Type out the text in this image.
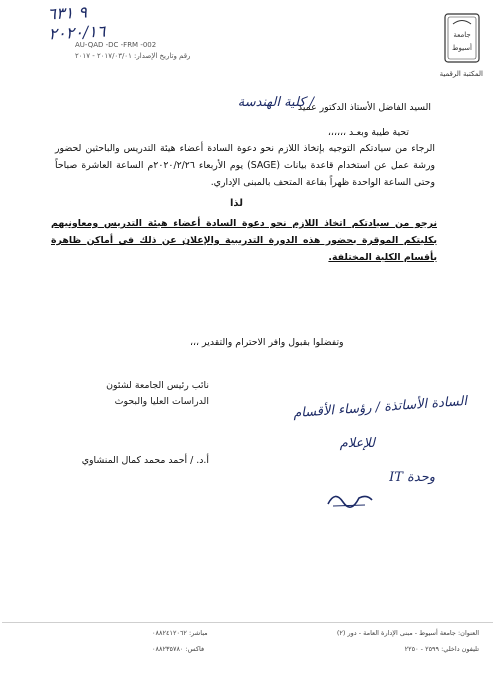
٩ ٦٣١
٢٠٢٠/١٦
AU-QAD -DC -FRM -002
رقم وتاريخ الإصدار: ٢٠١٧/٠٣/٠١ - ٢٠١٧
جامعة
أسيوط
المكتبة الرقمية
السيد الفاضل الأستاذ الدكتور عميد
/ كلية الهندسة
تحية طيبة وبعـد ،،،،،،
الرجاء من سيادتكم التوجيه بإتخاذ اللازم نحو دعوة السادة أعضاء هيئة التدريس والباحثين لحضور ورشة عمل عن استخدام قاعدة بيانات (SAGE) يوم الأربعاء ٢٠٢٠/٢/٢٦م الساعة العاشرة صباحاً وحتى الساعة الواحدة ظهراً بقاعة المتحف بالمبنى الإداري.
لذا
نرجو من سيادتكم اتخاذ اللازم نحو دعوة السادة أعضاء هيئة التدريس ومعاونيهم بكليتكم الموقرة بحضور هذه الدورة التدريبية والإعلان عن ذلك في أماكن ظاهرة بأقسام الكلية المختلفة.
وتفضلوا بقبول وافر الاحترام والتقدير ،،،
نائب رئيس الجامعة لشئون
الدراسات العليا والبحوث
أ.د. / أحمد محمد كمال المنشاوي
السادة الأساتذة / رؤساء الأقسام
للإعلام
وحدة IT
العنوان: جامعة أسيوط - مبنى الإدارة العامة - دور (٢)
تليفون داخلي: ٢٥٩٩ - ٢٢٥٠
مباشر: ٠٨٨٢٤١٢٠٦٢
فاكس: ٠٨٨٢٣٥٧٨٠
